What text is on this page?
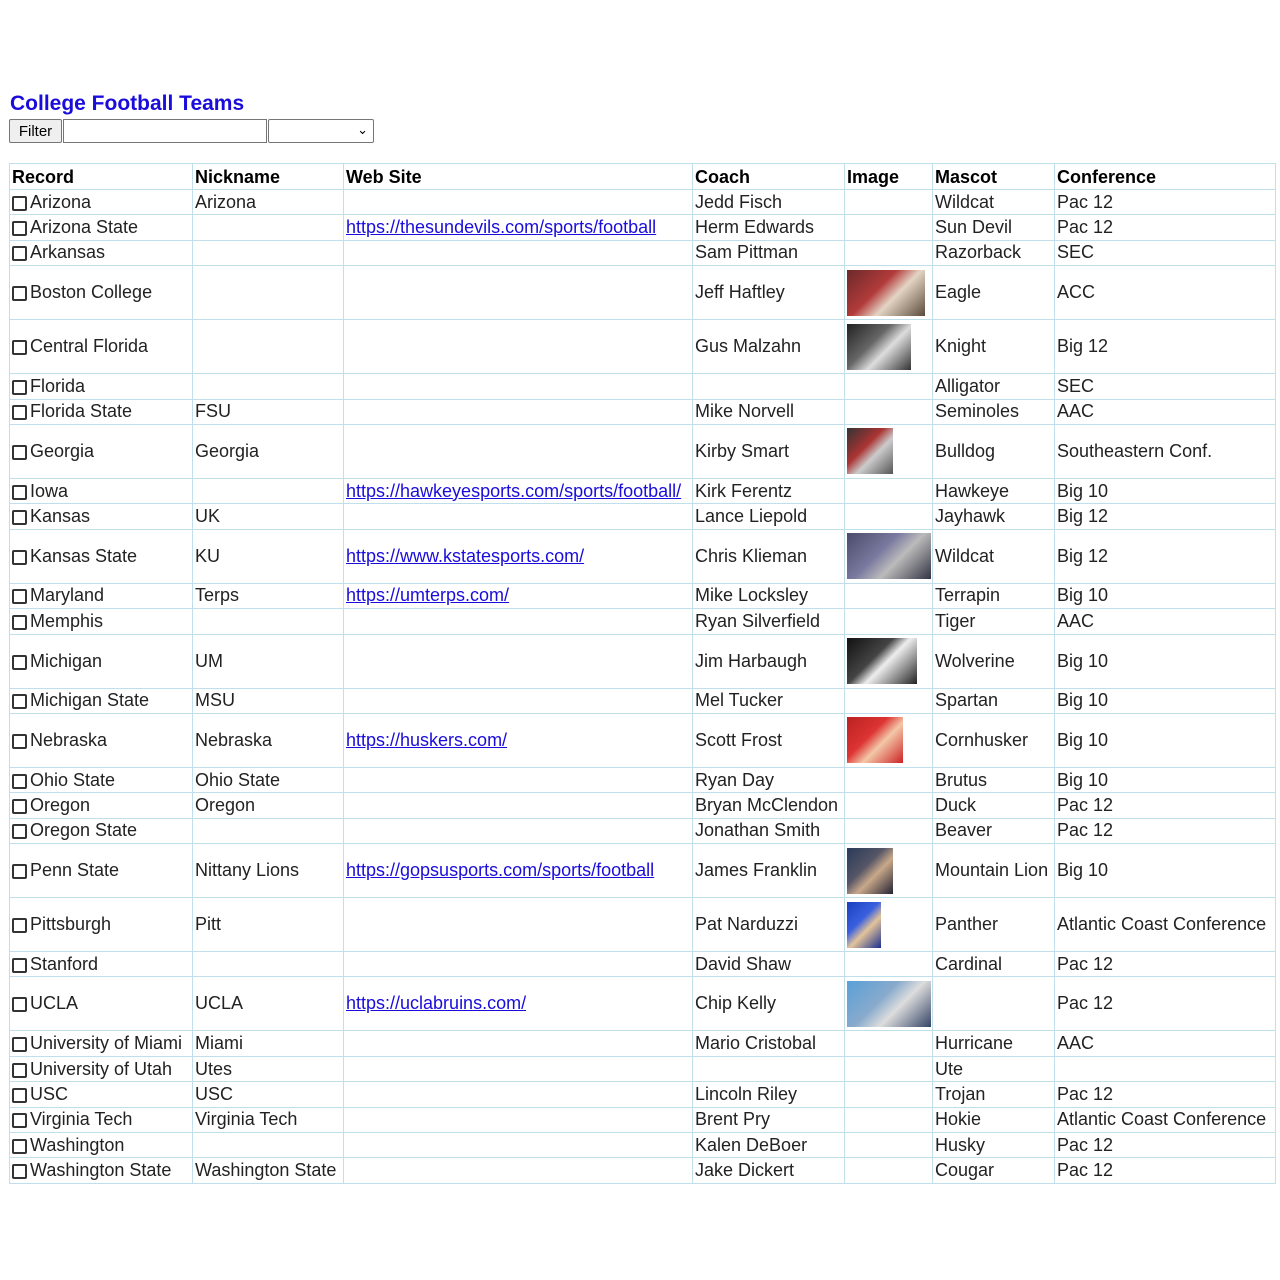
College Football Teams
Filter	⌄
Record	Nickname	Web Site	Coach	Image	Mascot	Conference
Arizona	Arizona		Jedd Fisch		Wildcat	Pac 12
Arizona State		https://thesundevils.com/sports/football	Herm Edwards		Sun Devil	Pac 12
Arkansas			Sam Pittman		Razorback	SEC
Boston College			Jeff Haftley		Eagle	ACC
Central Florida			Gus Malzahn		Knight	Big 12
Florida					Alligator	SEC
Florida State	FSU		Mike Norvell		Seminoles	AAC
Georgia	Georgia		Kirby Smart		Bulldog	Southeastern Conf.
Iowa		https://hawkeyesports.com/sports/football/	Kirk Ferentz		Hawkeye	Big 10
Kansas	UK		Lance Liepold		Jayhawk	Big 12
Kansas State	KU	https://www.kstatesports.com/	Chris Klieman		Wildcat	Big 12
Maryland	Terps	https://umterps.com/	Mike Locksley		Terrapin	Big 10
Memphis			Ryan Silverfield		Tiger	AAC
Michigan	UM		Jim Harbaugh		Wolverine	Big 10
Michigan State	MSU		Mel Tucker		Spartan	Big 10
Nebraska	Nebraska	https://huskers.com/	Scott Frost		Cornhusker	Big 10
Ohio State	Ohio State		Ryan Day		Brutus	Big 10
Oregon	Oregon		Bryan McClendon		Duck	Pac 12
Oregon State			Jonathan Smith		Beaver	Pac 12
Penn State	Nittany Lions	https://gopsusports.com/sports/football	James Franklin		Mountain Lion	Big 10
Pittsburgh	Pitt		Pat Narduzzi		Panther	Atlantic Coast Conference
Stanford			David Shaw		Cardinal	Pac 12
UCLA	UCLA	https://uclabruins.com/	Chip Kelly			Pac 12
University of Miami	Miami		Mario Cristobal		Hurricane	AAC
University of Utah	Utes				Ute	
USC	USC		Lincoln Riley		Trojan	Pac 12
Virginia Tech	Virginia Tech		Brent Pry		Hokie	Atlantic Coast Conference
Washington			Kalen DeBoer		Husky	Pac 12
Washington State	Washington State		Jake Dickert		Cougar	Pac 12
